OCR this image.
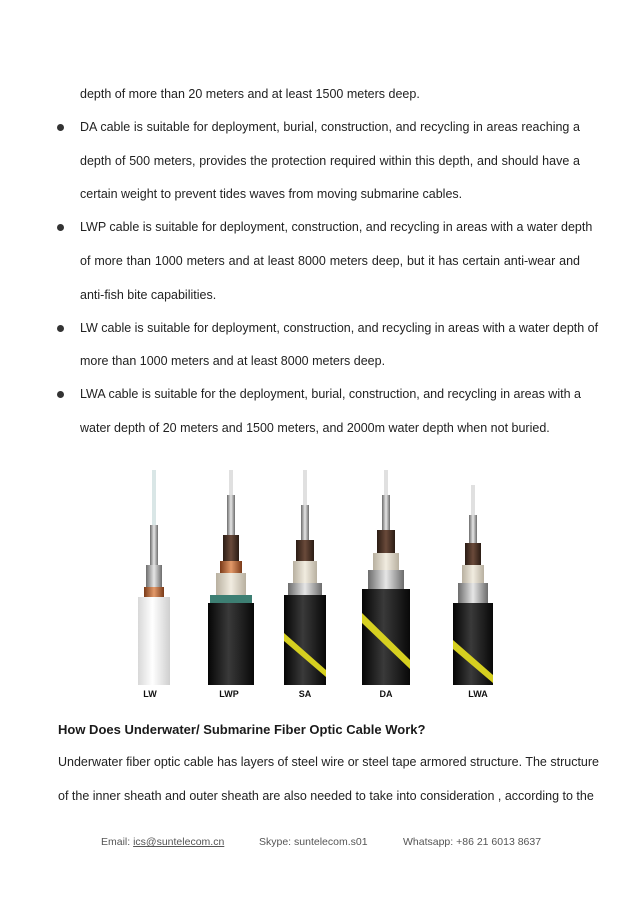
depth of more than 20 meters and at least 1500 meters deep.
DA cable is suitable for deployment, burial, construction, and recycling in areas reaching a
depth of 500 meters, provides the protection required within this depth, and should have a
certain weight to prevent tides waves from moving submarine cables.
LWP cable is suitable for deployment, construction, and recycling in areas with a water depth
of more than 1000 meters and at least 8000 meters deep, but it has certain anti-wear and
anti-fish bite capabilities.
LW cable is suitable for deployment, construction, and recycling in areas with a water depth of
more than 1000 meters and at least 8000 meters deep.
LWA cable is suitable for the deployment, burial, construction, and recycling in areas with a
water depth of 20 meters and 1500 meters, and 2000m water depth when not buried.
LW	LWP	SA	DA	LWA
How Does Underwater/ Submarine Fiber Optic Cable Work?
Underwater fiber optic cable has layers of steel wire or steel tape armored structure. The structure
of the inner sheath and outer sheath are also needed to take into consideration , according to the
Email: ics@suntelecom.cn	Skype: suntelecom.s01	Whatsapp: +86 21 6013 8637
